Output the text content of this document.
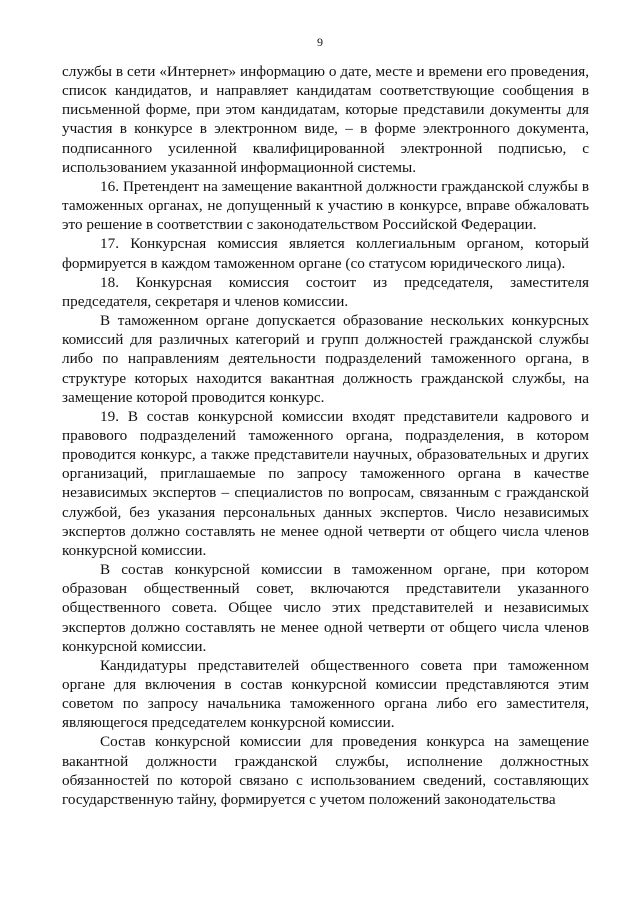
9

службы в сети «Интернет» информацию о дате, месте и времени его проведения, список кандидатов, и направляет кандидатам соответствующие сообщения в письменной форме, при этом кандидатам, которые представили документы для участия в конкурсе в электронном виде, – в форме электронного документа, подписанного усиленной квалифицированной электронной подписью, с использованием указанной информационной системы.

16. Претендент на замещение вакантной должности гражданской службы в таможенных органах, не допущенный к участию в конкурсе, вправе обжаловать это решение в соответствии с законодательством Российской Федерации.

17. Конкурсная комиссия является коллегиальным органом, который формируется в каждом таможенном органе (со статусом юридического лица).

18. Конкурсная комиссия состоит из председателя, заместителя председателя, секретаря и членов комиссии.

В таможенном органе допускается образование нескольких конкурсных комиссий для различных категорий и групп должностей гражданской службы либо по направлениям деятельности подразделений таможенного органа, в структуре которых находится вакантная должность гражданской службы, на замещение которой проводится конкурс.

19. В состав конкурсной комиссии входят представители кадрового и правового подразделений таможенного органа, подразделения, в котором проводится конкурс, а также представители научных, образовательных и других организаций, приглашаемые по запросу таможенного органа в качестве независимых экспертов – специалистов по вопросам, связанным с гражданской службой, без указания персональных данных экспертов. Число независимых экспертов должно составлять не менее одной четверти от общего числа членов конкурсной комиссии.

В состав конкурсной комиссии в таможенном органе, при котором образован общественный совет, включаются представители указанного общественного совета. Общее число этих представителей и независимых экспертов должно составлять не менее одной четверти от общего числа членов конкурсной комиссии.

Кандидатуры представителей общественного совета при таможенном органе для включения в состав конкурсной комиссии представляются этим советом по запросу начальника таможенного органа либо его заместителя, являющегося председателем конкурсной комиссии.

Состав конкурсной комиссии для проведения конкурса на замещение вакантной должности гражданской службы, исполнение должностных обязанностей по которой связано с использованием сведений, составляющих государственную тайну, формируется с учетом положений законодательства
